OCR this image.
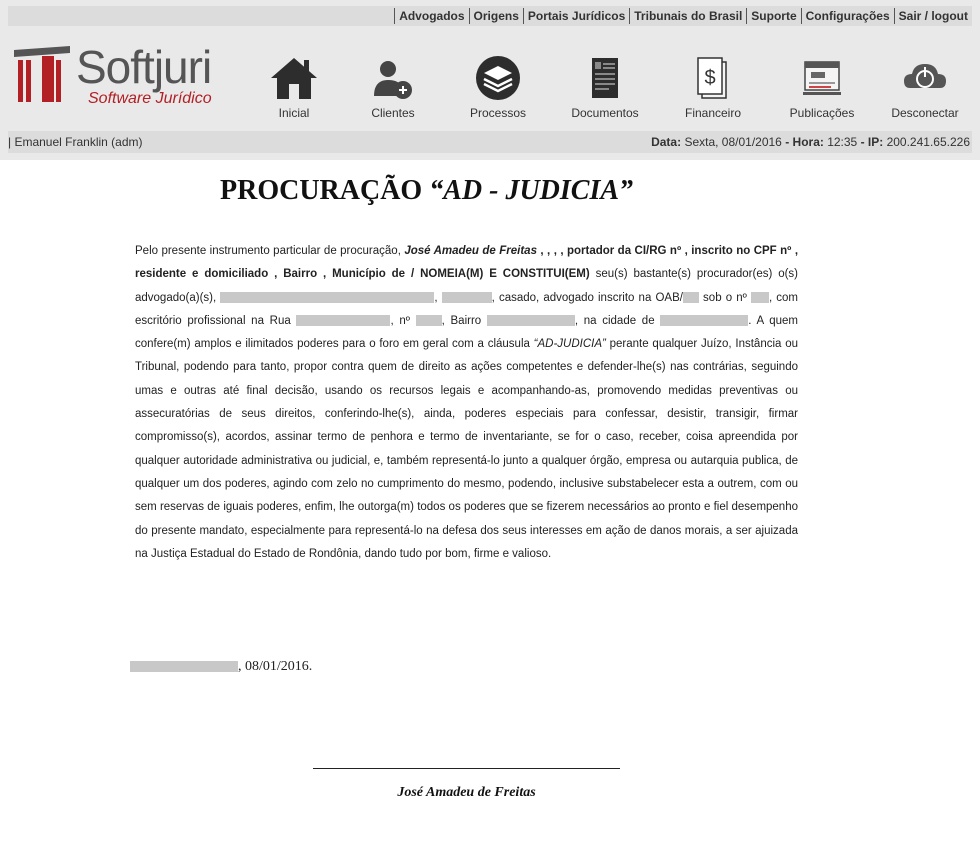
Advogados Origens Portais Jurídicos Tribunais do Brasil Suporte Configurações Sair / logout
Softjuri
Software Jurídico
Inicial	Clientes	Processos	Documentos
$
Financeiro	Publicações	Desconectar
| Emanuel Franklin (adm)	Data: Sexta, 08/01/2016 - Hora: 12:35 - IP: 200.241.65.226
PROCURAÇÃO “AD - JUDICIA”
Pelo presente instrumento particular de procuração, José Amadeu de Freitas , , , , portador da CI/RG nº , inscrito no CPF nº , residente e domiciliado , Bairro , Município de / NOMEIA(M) E CONSTITUI(EM) seu(s) bastante(s) procurador(es) o(s) advogado(a)(s),	,	, casado, advogado inscrito na OAB/ sob o nº , com escritório profissional na Rua	, nº , Bairro	, na cidade de	. A quem confere(m) amplos e ilimitados poderes para o foro em geral com a cláusula “AD-JUDICIA” perante qualquer Juízo, Instância ou Tribunal, podendo para tanto, propor contra quem de direito as ações competentes e defender-lhe(s) nas contrárias, seguindo umas e outras até final decisão, usando os recursos legais e acompanhando-as, promovendo medidas preventivas ou assecuratórias de seus direitos, conferindo-lhe(s), ainda, poderes especiais para confessar, desistir, transigir, firmar compromisso(s), acordos, assinar termo de penhora e termo de inventariante, se for o caso, receber, coisa apreendida por qualquer autoridade administrativa ou judicial, e, também representá-lo junto a qualquer órgão, empresa ou autarquia publica, de qualquer um dos poderes, agindo com zelo no cumprimento do mesmo, podendo, inclusive substabelecer esta a outrem, com ou sem reservas de iguais poderes, enfim, lhe outorga(m) todos os poderes que se fizerem necessários ao pronto e fiel desempenho do presente mandato, especialmente para representá-lo na defesa dos seus interesses em ação de danos morais, a ser ajuizada na Justiça Estadual do Estado de Rondônia, dando tudo por bom, firme e valioso.
, 08/01/2016.
José Amadeu de Freitas
